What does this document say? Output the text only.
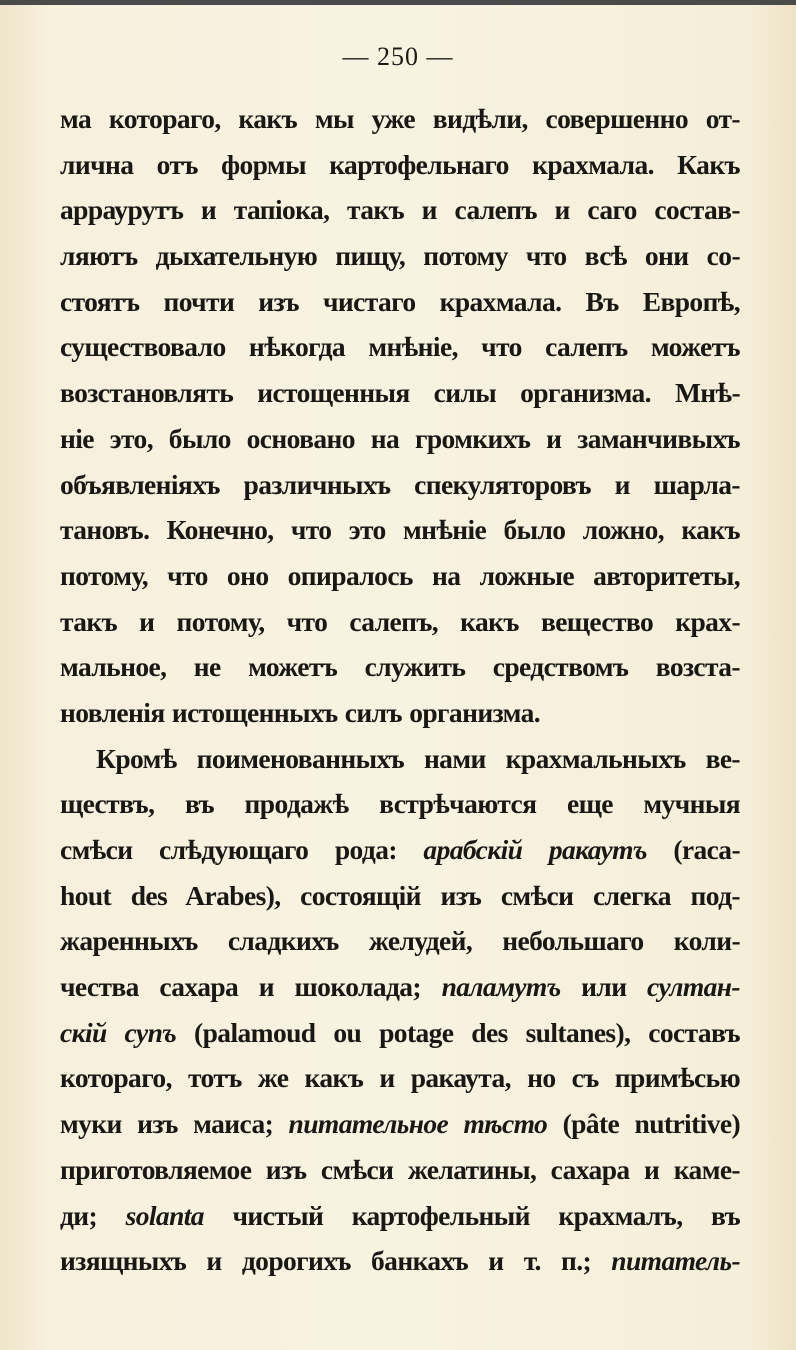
— 250 —
ма котораго, какъ мы уже видѣли, совершенно от-
лична отъ формы картофельнаго крахмала. Какъ
арраурутъ и тапіока, такъ и салепъ и саго состав-
ляютъ дыхательную пищу, потому что всѣ они со-
стоятъ почти изъ чистаго крахмала. Въ Европѣ,
существовало нѣкогда мнѣніе, что салепъ можетъ
возстановлять истощенныя силы организма. Мнѣ-
ніе это, было основано на громкихъ и заманчивыхъ
объявленіяхъ различныхъ спекуляторовъ и шарла-
тановъ. Конечно, что это мнѣніе было ложно, какъ
потому, что оно опиралось на ложные авторитеты,
такъ и потому, что салепъ, какъ вещество крах-
мальное, не можетъ служить средствомъ возста-
новленія истощенныхъ силъ организма.
Кромѣ поименованныхъ нами крахмальныхъ ве-
ществъ, въ продажѣ встрѣчаются еще мучныя
смѣси слѣдующаго рода: арабскій ракаутъ (raca-
hout des Arabes), состоящій изъ смѣси слегка под-
жаренныхъ сладкихъ желудей, небольшаго коли-
чества сахара и шоколада; паламутъ или султан-
скій супъ (palamoud ou potage des sultanes), составъ
котораго, тотъ же какъ и ракаута, но съ примѣсью
муки изъ маиса; питательное тѣсто (pâte nutritive)
приготовляемое изъ смѣси желатины, сахара и каме-
ди; solanta чистый картофельный крахмалъ, въ
изящныхъ и дорогихъ банкахъ и т. п.; питатель-
